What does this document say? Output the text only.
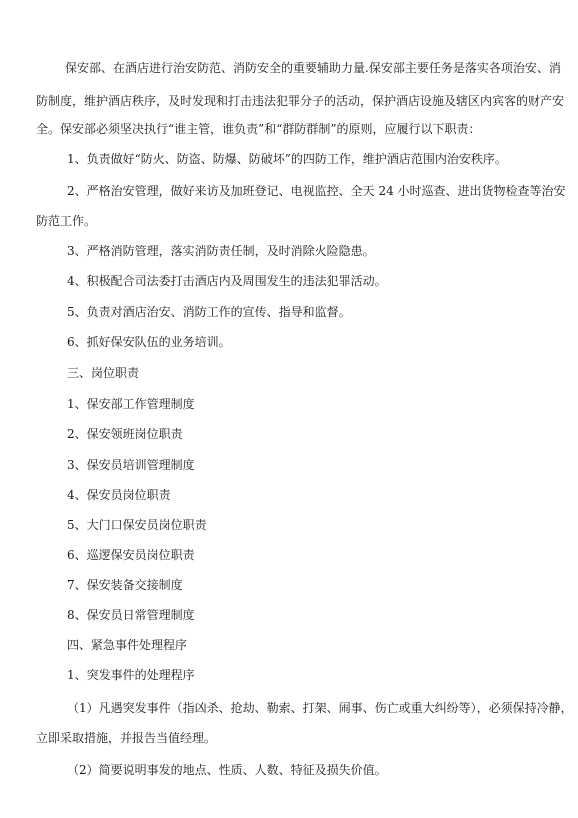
保安部、在酒店进行治安防范、消防安全的重要辅助力量.保安部主要任务是落实各项治安、消
防制度，维护酒店秩序，及时发现和打击违法犯罪分子的活动，保护酒店设施及辖区内宾客的财产安
全。保安部必须坚决执行“谁主管，谁负责”和“群防群制”的原则，应履行以下职责：
1、负责做好“防火、防盗、防爆、防破坏”的四防工作，维护酒店范围内治安秩序。
2、严格治安管理，做好来访及加班登记、电视监控、全天 24 小时巡查、进出货物检查等治安
防范工作。
3、严格消防管理，落实消防责任制，及时消除火险隐患。
4、积极配合司法委打击酒店内及周围发生的违法犯罪活动。
5、负责对酒店治安、消防工作的宣传、指导和监督。
6、抓好保安队伍的业务培训。
三、岗位职责
1、保安部工作管理制度
2、保安领班岗位职责
3、保安员培训管理制度
4、保安员岗位职责
5、大门口保安员岗位职责
6、巡逻保安员岗位职责
7、保安装备交接制度
8、保安员日常管理制度
四、紧急事件处理程序
1、突发事件的处理程序
（1）凡遇突发事件（指凶杀、抢劫、勒索、打架、闹事、伤亡或重大纠纷等），必须保持冷静，
立即采取措施，并报告当值经理。
（2）简要说明事发的地点、性质、人数、特征及损失价值。
